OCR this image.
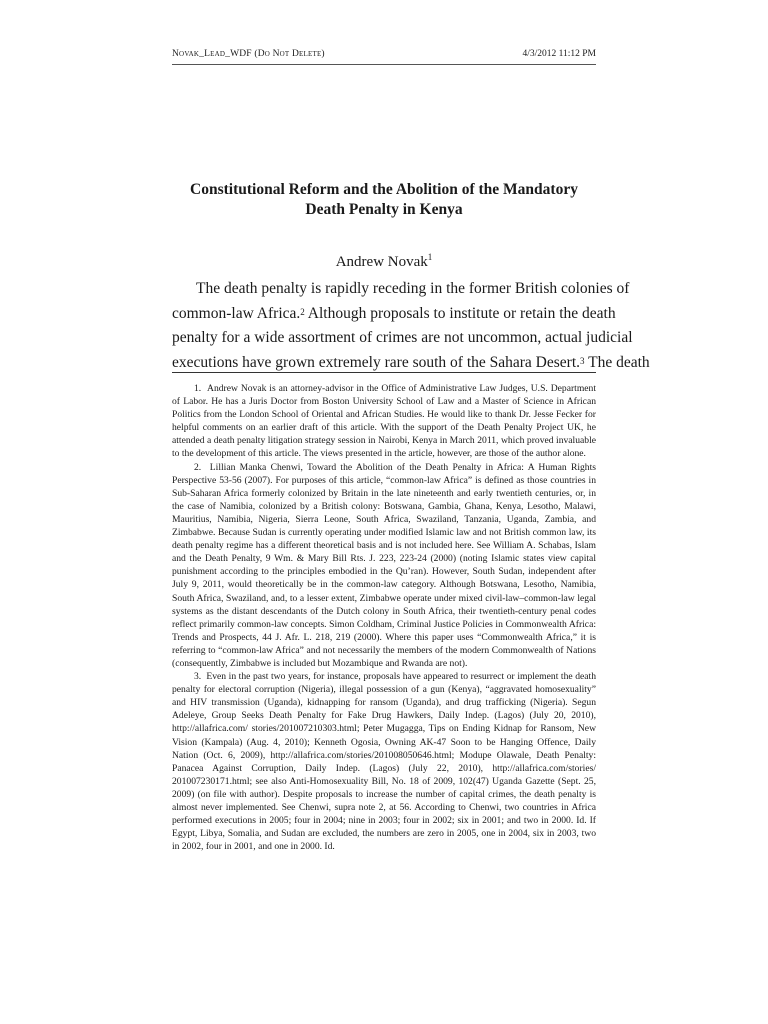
Novak_Lead_WDF (Do Not Delete)	4/3/2012 11:12 PM
Constitutional Reform and the Abolition of the Mandatory
Death Penalty in Kenya
Andrew Novak$^1$
The death penalty is rapidly receding in the former British colonies of
common-law Africa.$^2$ Although proposals to institute or retain the death
penalty for a wide assortment of crimes are not uncommon, actual judicial
executions have grown extremely rare south of the Sahara Desert.$^3$ The death

1. Andrew Novak is an attorney-advisor in the Office of Administrative Law Judges, U.S. Department of Labor. He has a Juris Doctor from Boston University School of Law and a Master of Science in African Politics from the London School of Oriental and African Studies. He would like to thank Dr. Jesse Fecker for helpful comments on an earlier draft of this article. With the support of the Death Penalty Project UK, he attended a death penalty litigation strategy session in Nairobi, Kenya in March 2011, which proved invaluable to the development of this article. The views presented in the article, however, are those of the author alone.

2. Lillian Manka Chenwi, Toward the Abolition of the Death Penalty in Africa: A Human Rights Perspective 53-56 (2007). For purposes of this article, “common-law Africa” is defined as those countries in Sub-Saharan Africa formerly colonized by Britain in the late nineteenth and early twentieth centuries, or, in the case of Namibia, colonized by a British colony: Botswana, Gambia, Ghana, Kenya, Lesotho, Malawi, Mauritius, Namibia, Nigeria, Sierra Leone, South Africa, Swaziland, Tanzania, Uganda, Zambia, and Zimbabwe. Because Sudan is currently operating under modified Islamic law and not British common law, its death penalty regime has a different theoretical basis and is not included here. See William A. Schabas, Islam and the Death Penalty, 9 Wm. & Mary Bill Rts. J. 223, 223-24 (2000) (noting Islamic states view capital punishment according to the principles embodied in the Qu’ran). However, South Sudan, independent after July 9, 2011, would theoretically be in the common-law category. Although Botswana, Lesotho, Namibia, South Africa, Swaziland, and, to a lesser extent, Zimbabwe operate under mixed civil-law–common-law legal systems as the distant descendants of the Dutch colony in South Africa, their twentieth-century penal codes reflect primarily common-law concepts. Simon Coldham, Criminal Justice Policies in Commonwealth Africa: Trends and Prospects, 44 J. Afr. L. 218, 219 (2000). Where this paper uses “Commonwealth Africa,” it is referring to “common-law Africa” and not necessarily the members of the modern Commonwealth of Nations (consequently, Zimbabwe is included but Mozambique and Rwanda are not).

3. Even in the past two years, for instance, proposals have appeared to resurrect or implement the death penalty for electoral corruption (Nigeria), illegal possession of a gun (Kenya), “aggravated homosexuality” and HIV transmission (Uganda), kidnapping for ransom (Uganda), and drug trafficking (Nigeria). Segun Adeleye, Group Seeks Death Penalty for Fake Drug Hawkers, Daily Indep. (Lagos) (July 20, 2010), http://allafrica.com/ stories/201007210303.html; Peter Mugagga, Tips on Ending Kidnap for Ransom, New Vision (Kampala) (Aug. 4, 2010); Kenneth Ogosia, Owning AK-47 Soon to be Hanging Offence, Daily Nation (Oct. 6, 2009), http://allafrica.com/stories/201008050646.html; Modupe Olawale, Death Penalty: Panacea Against Corruption, Daily Indep. (Lagos) (July 22, 2010), http://allafrica.com/stories/ 201007230171.html; see also Anti-Homosexuality Bill, No. 18 of 2009, 102(47) Uganda Gazette (Sept. 25, 2009) (on file with author). Despite proposals to increase the number of capital crimes, the death penalty is almost never implemented. See Chenwi, supra note 2, at 56. According to Chenwi, two countries in Africa performed executions in 2005; four in 2004; nine in 2003; four in 2002; six in 2001; and two in 2000. Id. If Egypt, Libya, Somalia, and Sudan are excluded, the numbers are zero in 2005, one in 2004, six in 2003, two in 2002, four in 2001, and one in 2000. Id.
